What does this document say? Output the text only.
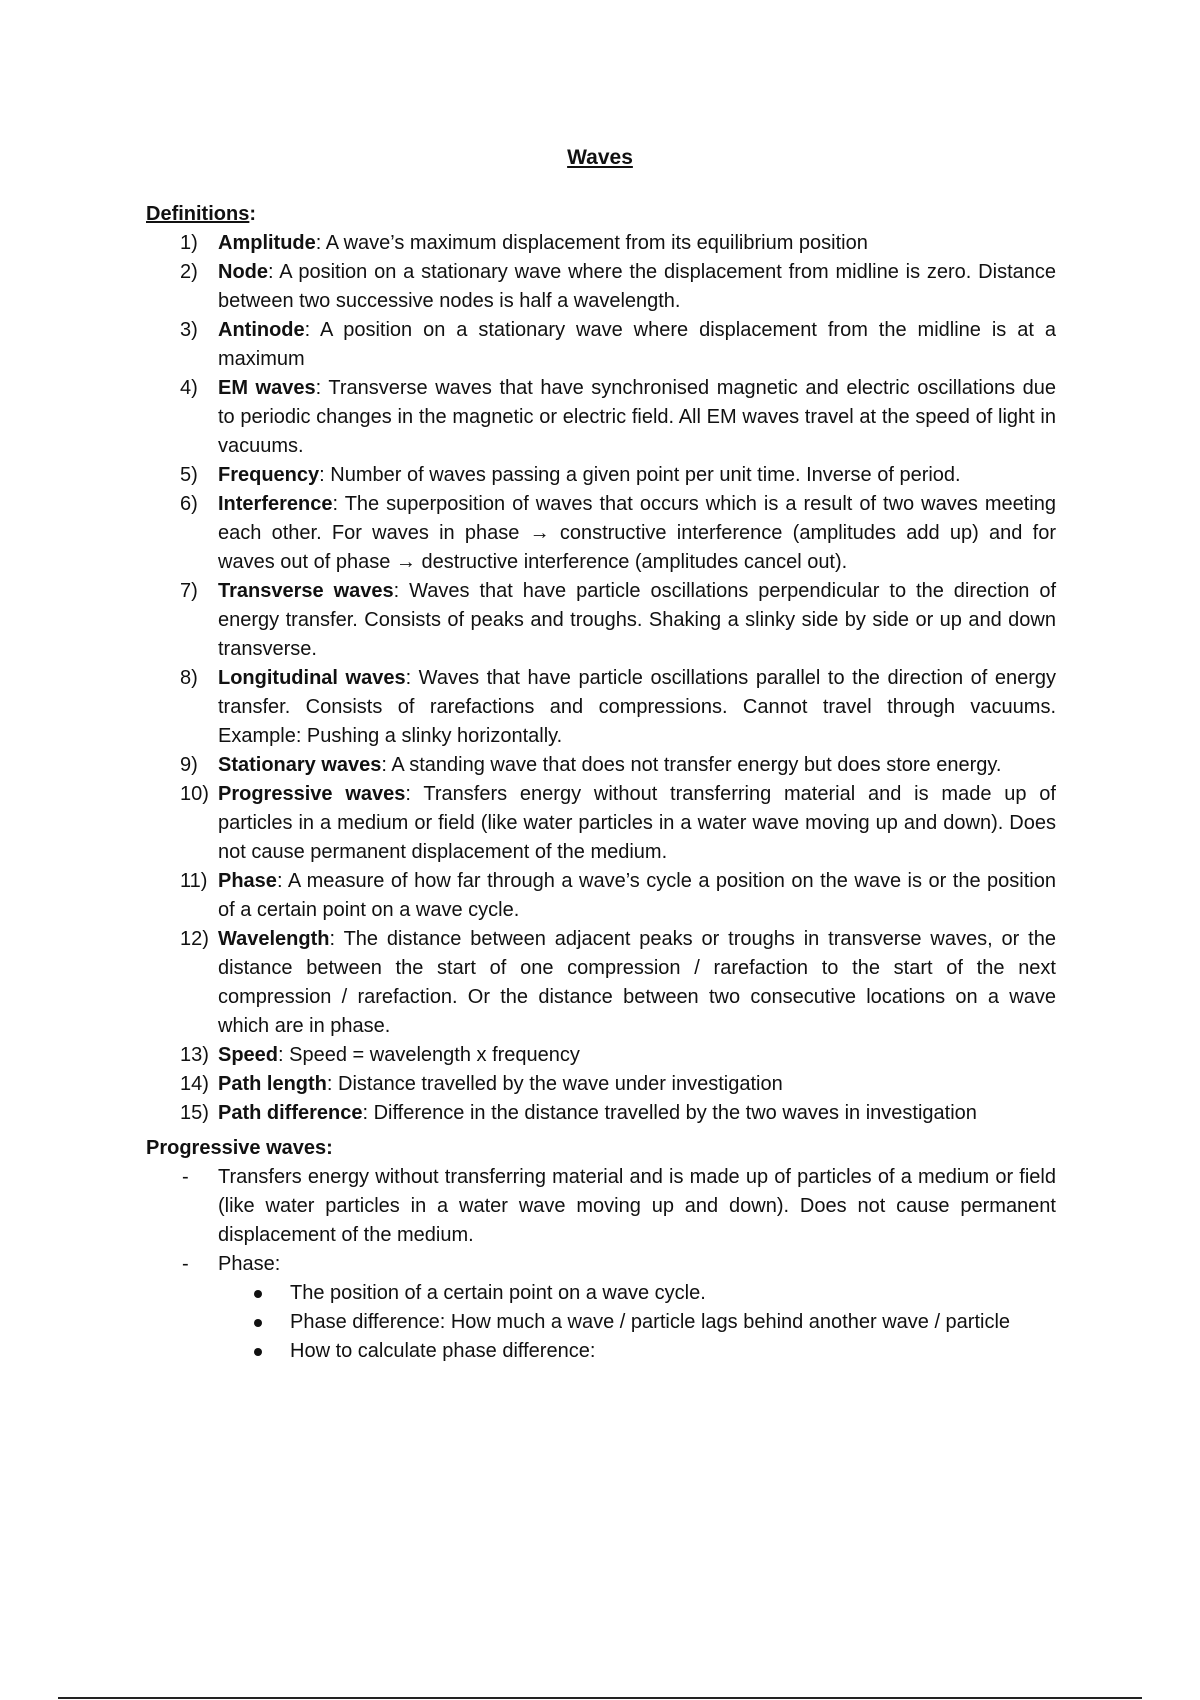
Waves
Definitions:
1) Amplitude: A wave’s maximum displacement from its equilibrium position
2) Node: A position on a stationary wave where the displacement from midline is zero. Distance between two successive nodes is half a wavelength.
3) Antinode: A position on a stationary wave where displacement from the midline is at a maximum
4) EM waves: Transverse waves that have synchronised magnetic and electric oscillations due to periodic changes in the magnetic or electric field. All EM waves travel at the speed of light in vacuums.
5) Frequency: Number of waves passing a given point per unit time. Inverse of period.
6) Interference: The superposition of waves that occurs which is a result of two waves meeting each other. For waves in phase → constructive interference (amplitudes add up) and for waves out of phase → destructive interference (amplitudes cancel out).
7) Transverse waves: Waves that have particle oscillations perpendicular to the direction of energy transfer. Consists of peaks and troughs. Shaking a slinky side by side or up and down transverse.
8) Longitudinal waves: Waves that have particle oscillations parallel to the direction of energy transfer. Consists of rarefactions and compressions. Cannot travel through vacuums. Example: Pushing a slinky horizontally.
9) Stationary waves: A standing wave that does not transfer energy but does store energy.
10) Progressive waves: Transfers energy without transferring material and is made up of particles in a medium or field (like water particles in a water wave moving up and down). Does not cause permanent displacement of the medium.
11) Phase: A measure of how far through a wave’s cycle a position on the wave is or the position of a certain point on a wave cycle.
12) Wavelength: The distance between adjacent peaks or troughs in transverse waves, or the distance between the start of one compression / rarefaction to the start of the next compression / rarefaction. Or the distance between two consecutive locations on a wave which are in phase.
13) Speed: Speed = wavelength x frequency
14) Path length: Distance travelled by the wave under investigation
15) Path difference: Difference in the distance travelled by the two waves in investigation
Progressive waves:
- Transfers energy without transferring material and is made up of particles of a medium or field (like water particles in a water wave moving up and down). Does not cause permanent displacement of the medium.
- Phase:
The position of a certain point on a wave cycle.
Phase difference: How much a wave / particle lags behind another wave / particle
How to calculate phase difference:
